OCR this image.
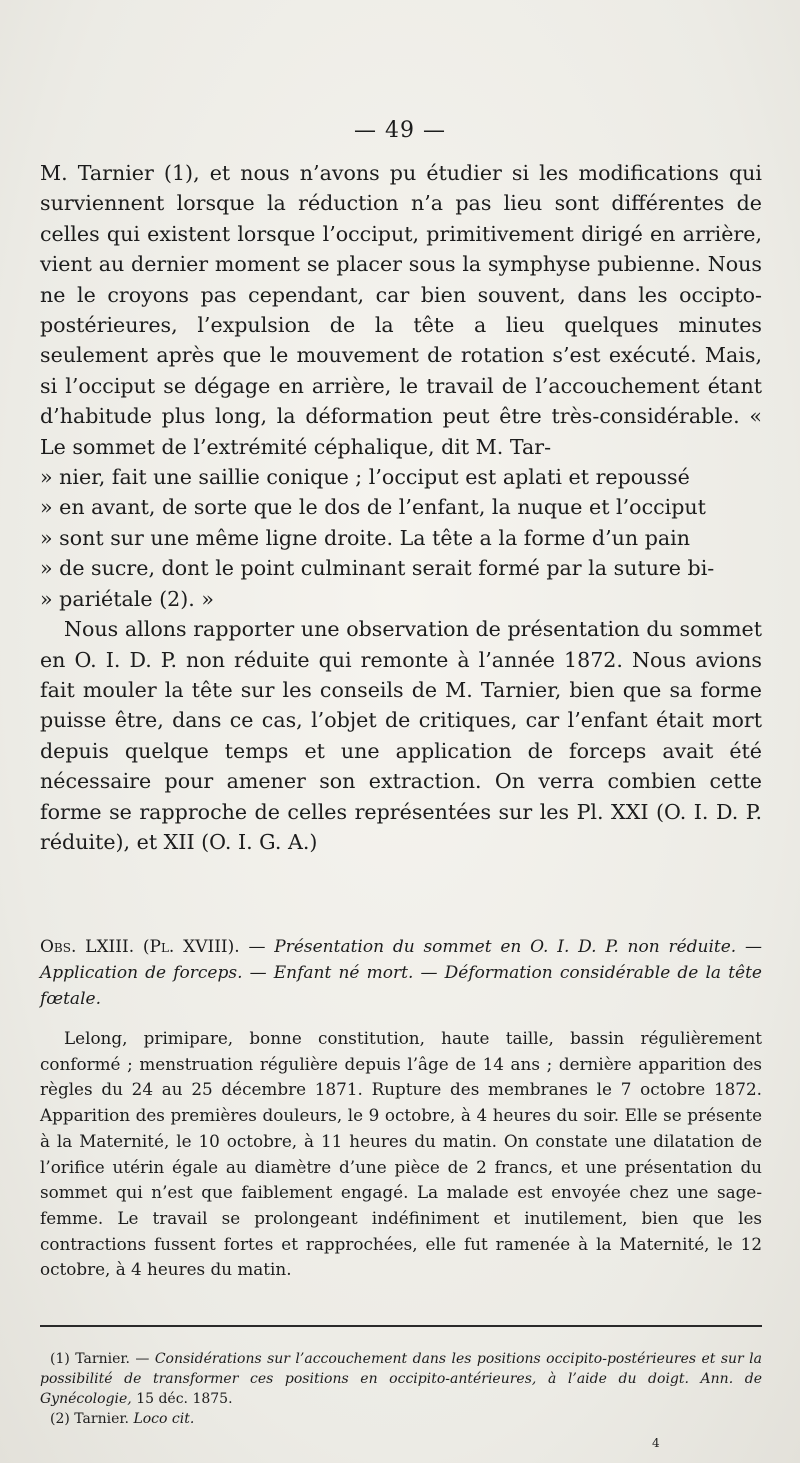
— 49 —

M. Tarnier (1), et nous n’avons pu étudier si les modifications qui surviennent lorsque la réduction n’a pas lieu sont différentes de celles qui existent lorsque l’occiput, primitivement dirigé en arrière, vient au dernier moment se placer sous la symphyse pubienne. Nous ne le croyons pas cependant, car bien souvent, dans les occipto-postérieures, l’expulsion de la tête a lieu quelques minutes seulement après que le mouvement de rotation s’est exécuté. Mais, si l’occiput se dégage en arrière, le travail de l’accouchement étant d’habitude plus long, la déformation peut être très-considérable. « Le sommet de l’extrémité céphalique, dit M. Tar-

» nier, fait une saillie conique ; l’occiput est aplati et repoussé

» en avant, de sorte que le dos de l’enfant, la nuque et l’occiput

» sont sur une même ligne droite. La tête a la forme d’un pain

» de sucre, dont le point culminant serait formé par la suture bi-

» pariétale (2). »

Nous allons rapporter une observation de présentation du sommet en O. I. D. P. non réduite qui remonte à l’année 1872. Nous avions fait mouler la tête sur les conseils de M. Tarnier, bien que sa forme puisse être, dans ce cas, l’objet de critiques, car l’enfant était mort depuis quelque temps et une application de forceps avait été nécessaire pour amener son extraction. On verra combien cette forme se rapproche de celles représentées sur les Pl. XXI (O. I. D. P. réduite), et XII (O. I. G. A.)

Obs. LXIII. (Pl. XVIII). — Présentation du sommet en O. I. D. P. non réduite. — Application de forceps. — Enfant né mort. — Déformation considérable de la tête fœtale.

Lelong, primipare, bonne constitution, haute taille, bassin régulièrement conformé ; menstruation régulière depuis l’âge de 14 ans ; dernière apparition des règles du 24 au 25 décembre 1871. Rupture des membranes le 7 octobre 1872. Apparition des premières douleurs, le 9 octobre, à 4 heures du soir. Elle se présente à la Maternité, le 10 octobre, à 11 heures du matin. On constate une dilatation de l’orifice utérin égale au diamètre d’une pièce de 2 francs, et une présentation du sommet qui n’est que faiblement engagé. La malade est envoyée chez une sage-femme. Le travail se prolongeant indéfiniment et inutilement, bien que les contractions fussent fortes et rapprochées, elle fut ramenée à la Maternité, le 12 octobre, à 4 heures du matin.

(1) Tarnier. — Considérations sur l’accouchement dans les positions occipito-postérieures et sur la possibilité de transformer ces positions en occipito-antérieures, à l’aide du doigt. Ann. de Gynécologie, 15 déc. 1875.

(2) Tarnier. Loco cit.

4
